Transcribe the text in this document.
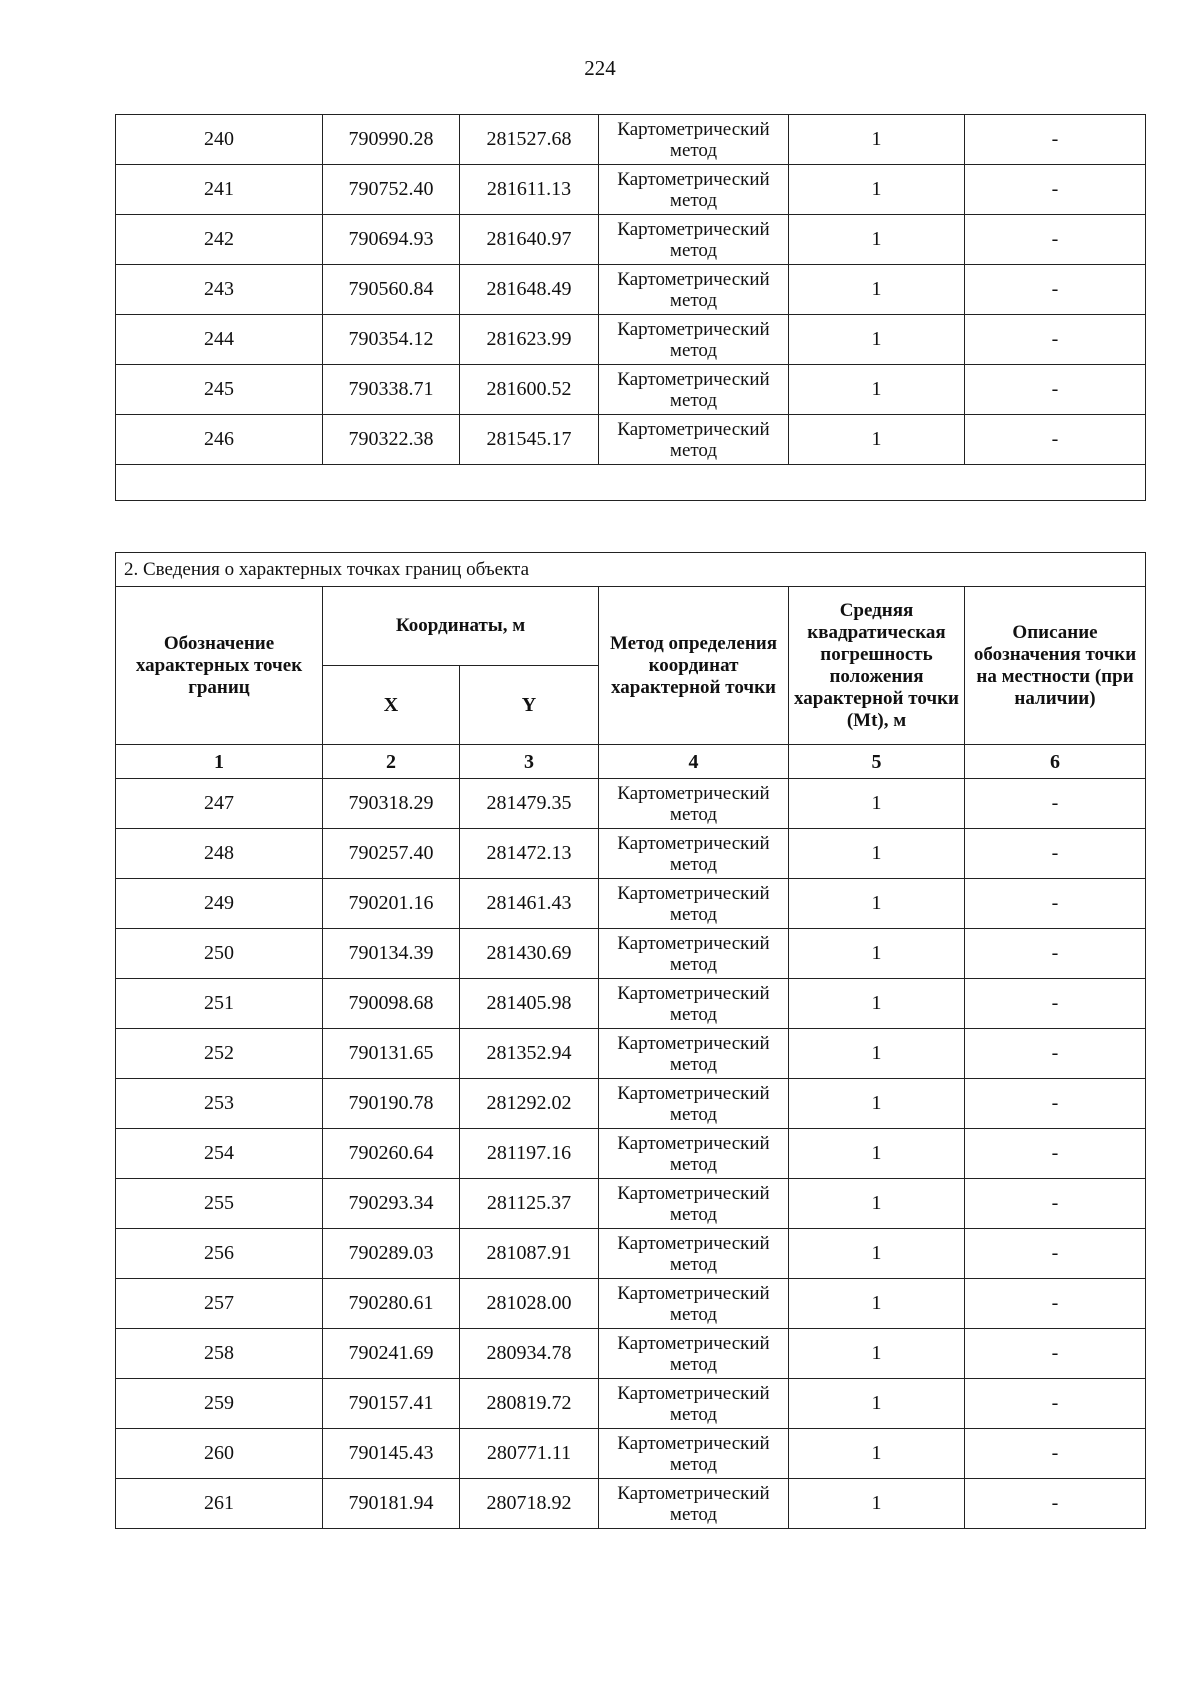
224
240	790990.28	281527.68	Картометрический метод	1	-
241	790752.40	281611.13	Картометрический метод	1	-
242	790694.93	281640.97	Картометрический метод	1	-
243	790560.84	281648.49	Картометрический метод	1	-
244	790354.12	281623.99	Картометрический метод	1	-
245	790338.71	281600.52	Картометрический метод	1	-
246	790322.38	281545.17	Картометрический метод	1	-

2. Сведения о характерных точках границ объекта					
Обозначение характерных точек границ	Координаты, м		Метод определения координат характерной точки	Средняя квадратическая погрешность положения характерной точки (Mt), м	Описание обозначения точки на местности (при наличии)
	X	Y			
1	2	3	4	5	6
247	790318.29	281479.35	Картометрический метод	1	-
248	790257.40	281472.13	Картометрический метод	1	-
249	790201.16	281461.43	Картометрический метод	1	-
250	790134.39	281430.69	Картометрический метод	1	-
251	790098.68	281405.98	Картометрический метод	1	-
252	790131.65	281352.94	Картометрический метод	1	-
253	790190.78	281292.02	Картометрический метод	1	-
254	790260.64	281197.16	Картометрический метод	1	-
255	790293.34	281125.37	Картометрический метод	1	-
256	790289.03	281087.91	Картометрический метод	1	-
257	790280.61	281028.00	Картометрический метод	1	-
258	790241.69	280934.78	Картометрический метод	1	-
259	790157.41	280819.72	Картометрический метод	1	-
260	790145.43	280771.11	Картометрический метод	1	-
261	790181.94	280718.92	Картометрический метод	1	-
